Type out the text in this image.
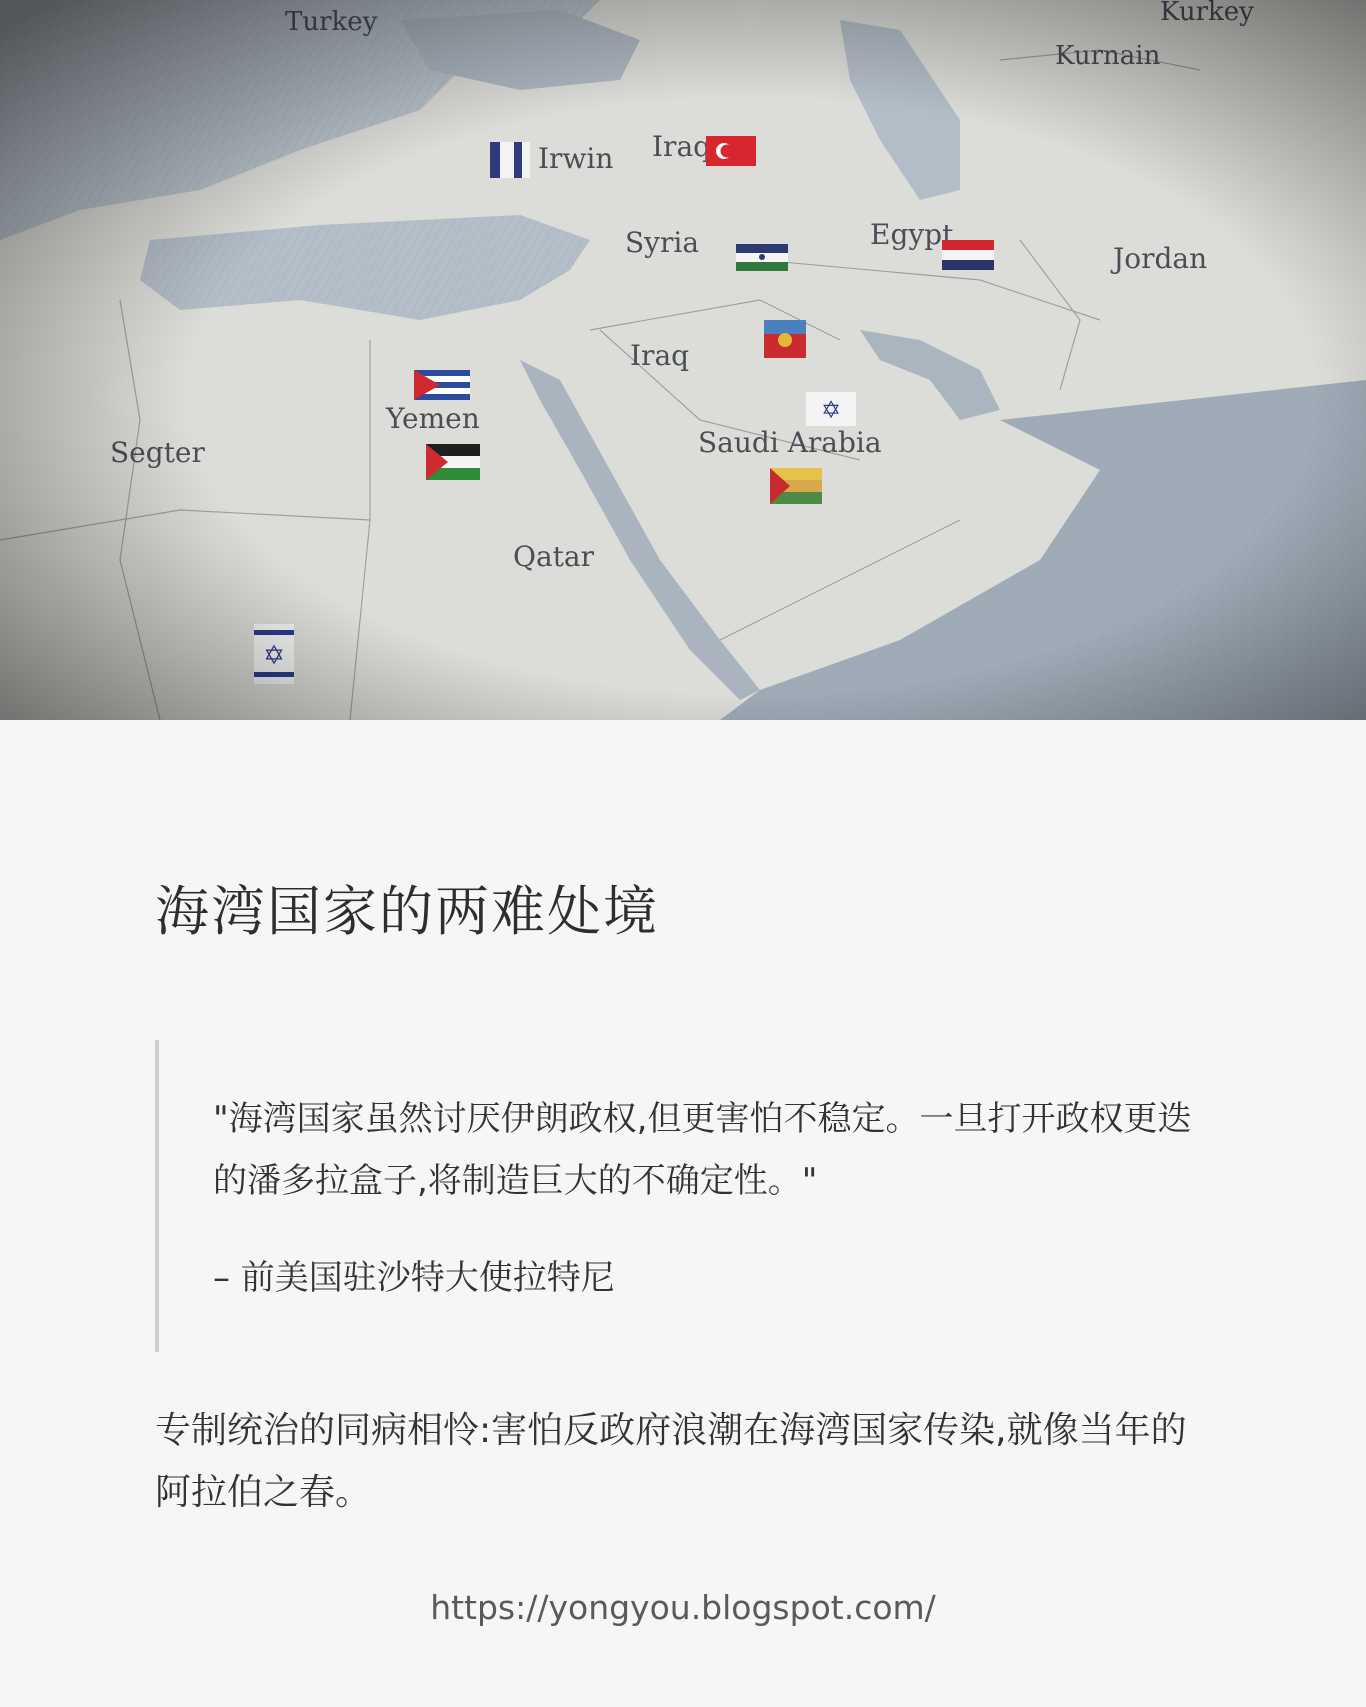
海湾国家的两难处境

"海湾国家虽然讨厌伊朗政权,但更害怕不稳定。一旦打开政权更迭的潘多拉盒子,将制造巨大的不确定性。"

– 前美国驻沙特大使拉特尼

专制统治的同病相怜:害怕反政府浪潮在海湾国家传染,就像当年的阿拉伯之春。

https://yongyou.blogspot.com/
